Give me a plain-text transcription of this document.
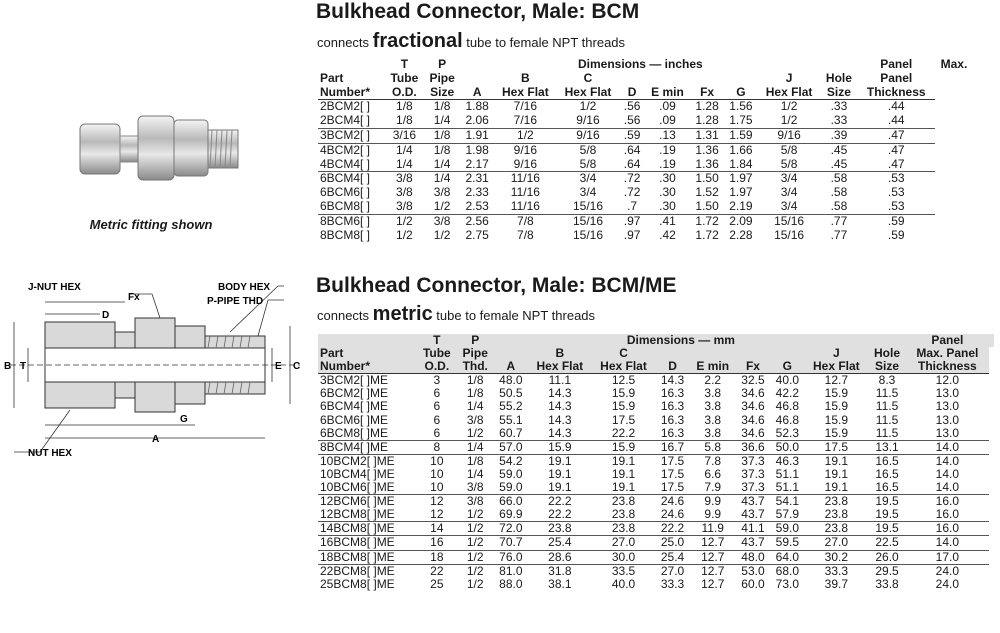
Metric fitting shown
J-NUT HEX
Fx
BODY HEX
P-PIPE THD
D
B T	E C
G
A
NUT HEX
Bulkhead Connector, Male: BCM
connects fractional tube to female NPT threads
	T	P	Dimensions — inches									Panel	Max.
Part	Tube	Pipe		B	C					J	Hole	Panel	
Number*	O.D.	Size	A	Hex Flat	Hex Flat	D	E min	Fx	G	Hex Flat	Size	Thickness	
2BCM2[ ]	1/8	1/8	1.88	7/16	1/2	.56	.09	1.28	1.56	1/2	.33	.44	
2BCM4[ ]	1/8	1/4	2.06	7/16	9/16	.56	.09	1.28	1.75	1/2	.33	.44	
3BCM2[ ]	3/16	1/8	1.91	1/2	9/16	.59	.13	1.31	1.59	9/16	.39	.47	
4BCM2[ ]	1/4	1/8	1.98	9/16	5/8	.64	.19	1.36	1.66	5/8	.45	.47	
4BCM4[ ]	1/4	1/4	2.17	9/16	5/8	.64	.19	1.36	1.84	5/8	.45	.47	
6BCM4[ ]	3/8	1/4	2.31	11/16	3/4	.72	.30	1.50	1.97	3/4	.58	.53	
6BCM6[ ]	3/8	3/8	2.33	11/16	3/4	.72	.30	1.52	1.97	3/4	.58	.53	
6BCM8[ ]	3/8	1/2	2.53	11/16	15/16	.7	.30	1.50	2.19	3/4	.58	.53	
8BCM6[ ]	1/2	3/8	2.56	7/8	15/16	.97	.41	1.72	2.09	15/16	.77	.59	
8BCM8[ ]	1/2	1/2	2.75	7/8	15/16	.97	.42	1.72	2.28	15/16	.77	.59	
Bulkhead Connector, Male: BCM/ME
connects metric tube to female NPT threads
	T	P	Dimensions — mm									Panel	
Part	Tube	Pipe		B	C					J	Hole	Max. Panel	
Number*	O.D.	Thd.	A	Hex Flat	Hex Flat	D	E min	Fx	G	Hex Flat	Size	Thickness	
3BCM2[ ]ME	3	1/8	48.0	11.1	12.5	14.3	2.2	32.5	40.0	12.7	8.3	12.0	
6BCM2[ ]ME	6	1/8	50.5	14.3	15.9	16.3	3.8	34.6	42.2	15.9	11.5	13.0	
6BCM4[ ]ME	6	1/4	55.2	14.3	15.9	16.3	3.8	34.6	46.8	15.9	11.5	13.0	
6BCM6[ ]ME	6	3/8	55.1	14.3	17.5	16.3	3.8	34.6	46.8	15.9	11.5	13.0	
6BCM8[ ]ME	6	1/2	60.7	14.3	22.2	16.3	3.8	34.6	52.3	15.9	11.5	13.0	
8BCM4[ ]ME	8	1/4	57.0	15.9	15.9	16.7	5.8	36.6	50.0	17.5	13.1	14.0	
10BCM2[ ]ME	10	1/8	54.2	19.1	19.1	17.5	7.8	37.3	46.3	19.1	16.5	14.0	
10BCM4[ ]ME	10	1/4	59.0	19.1	19.1	17.5	6.6	37.3	51.1	19.1	16.5	14.0	
10BCM6[ ]ME	10	3/8	59.0	19.1	19.1	17.5	7.9	37.3	51.1	19.1	16.5	14.0	
12BCM6[ ]ME	12	3/8	66.0	22.2	23.8	24.6	9.9	43.7	54.1	23.8	19.5	16.0	
12BCM8[ ]ME	12	1/2	69.9	22.2	23.8	24.6	9.9	43.7	57.9	23.8	19.5	16.0	
14BCM8[ ]ME	14	1/2	72.0	23.8	23.8	22.2	11.9	41.1	59.0	23.8	19.5	16.0	
16BCM8[ ]ME	16	1/2	70.7	25.4	27.0	25.0	12.7	43.7	59.5	27.0	22.5	14.0	
18BCM8[ ]ME	18	1/2	76.0	28.6	30.0	25.4	12.7	48.0	64.0	30.2	26.0	17.0	
22BCM8[ ]ME	22	1/2	81.0	31.8	33.5	27.0	12.7	53.0	68.0	33.3	29.5	24.0	
25BCM8[ ]ME	25	1/2	88.0	38.1	40.0	33.3	12.7	60.0	73.0	39.7	33.8	24.0	
